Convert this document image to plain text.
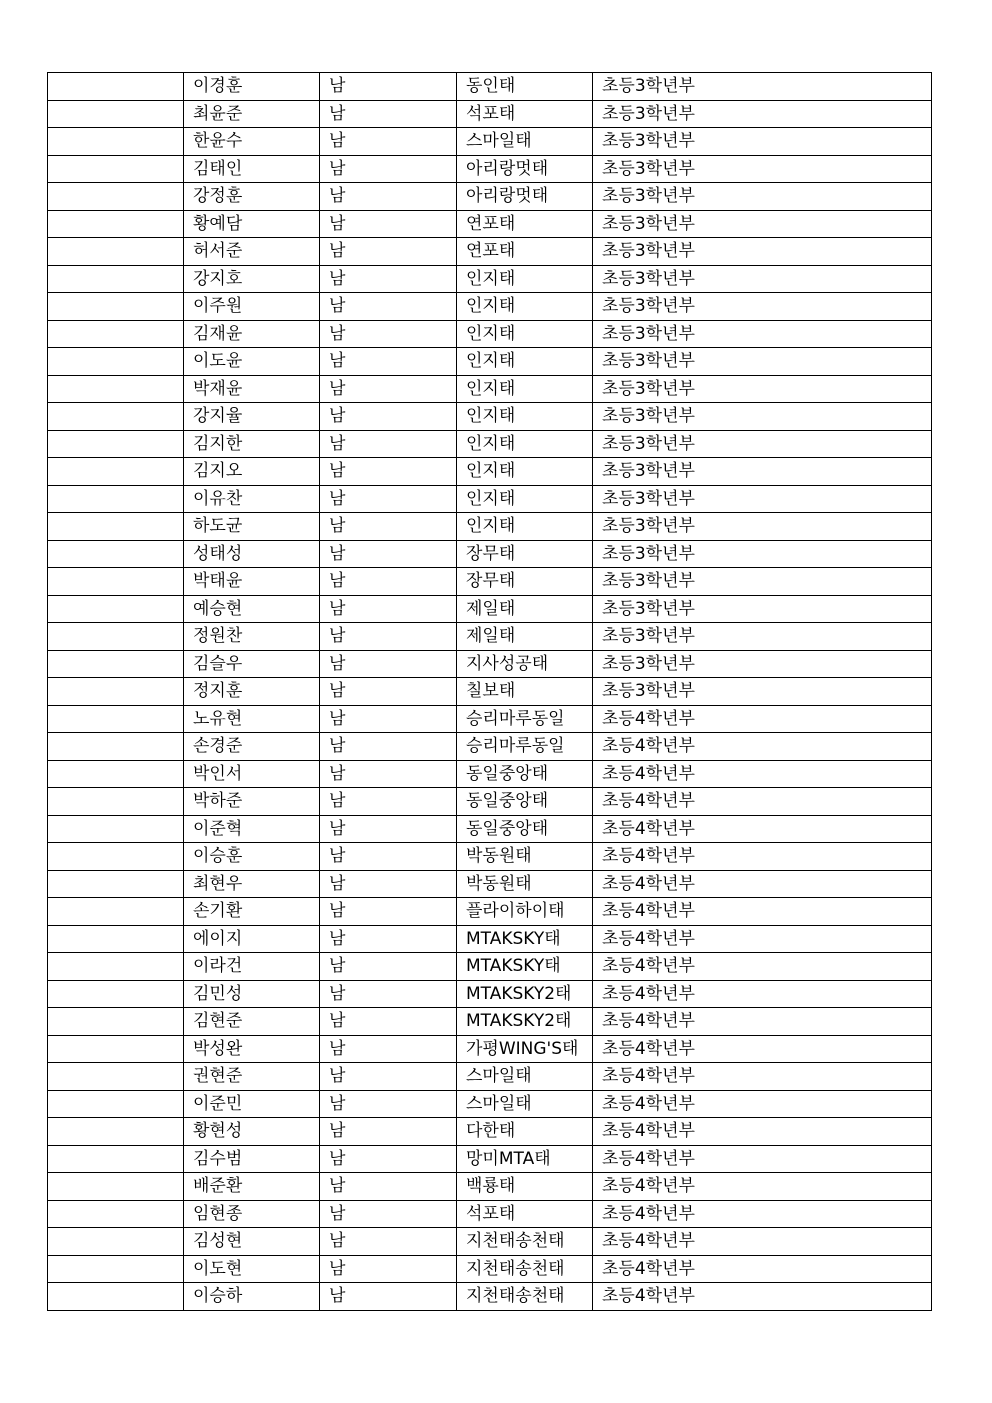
	이경훈	남	동인태	초등3학년부
	최윤준	남	석포태	초등3학년부
	한윤수	남	스마일태	초등3학년부
	김태인	남	아리랑멋태	초등3학년부
	강정훈	남	아리랑멋태	초등3학년부
	황예담	남	연포태	초등3학년부
	허서준	남	연포태	초등3학년부
	강지호	남	인지태	초등3학년부
	이주원	남	인지태	초등3학년부
	김재윤	남	인지태	초등3학년부
	이도윤	남	인지태	초등3학년부
	박재윤	남	인지태	초등3학년부
	강지율	남	인지태	초등3학년부
	김지한	남	인지태	초등3학년부
	김지오	남	인지태	초등3학년부
	이유찬	남	인지태	초등3학년부
	하도균	남	인지태	초등3학년부
	성태성	남	장무태	초등3학년부
	박태윤	남	장무태	초등3학년부
	예승현	남	제일태	초등3학년부
	정원찬	남	제일태	초등3학년부
	김슬우	남	지사성공태	초등3학년부
	정지훈	남	칠보태	초등3학년부
	노유현	남	승리마루동일	초등4학년부
	손경준	남	승리마루동일	초등4학년부
	박인서	남	동일중앙태	초등4학년부
	박하준	남	동일중앙태	초등4학년부
	이준혁	남	동일중앙태	초등4학년부
	이승훈	남	박동원태	초등4학년부
	최현우	남	박동원태	초등4학년부
	손기환	남	플라이하이태	초등4학년부
	에이지	남	MTAKSKY태	초등4학년부
	이라건	남	MTAKSKY태	초등4학년부
	김민성	남	MTAKSKY2태	초등4학년부
	김현준	남	MTAKSKY2태	초등4학년부
	박성완	남	가평WING'S태	초등4학년부
	권현준	남	스마일태	초등4학년부
	이준민	남	스마일태	초등4학년부
	황현성	남	다한태	초등4학년부
	김수범	남	망미MTA태	초등4학년부
	배준환	남	백룡태	초등4학년부
	임현종	남	석포태	초등4학년부
	김성현	남	지천태송천태	초등4학년부
	이도현	남	지천태송천태	초등4학년부
	이승하	남	지천태송천태	초등4학년부
